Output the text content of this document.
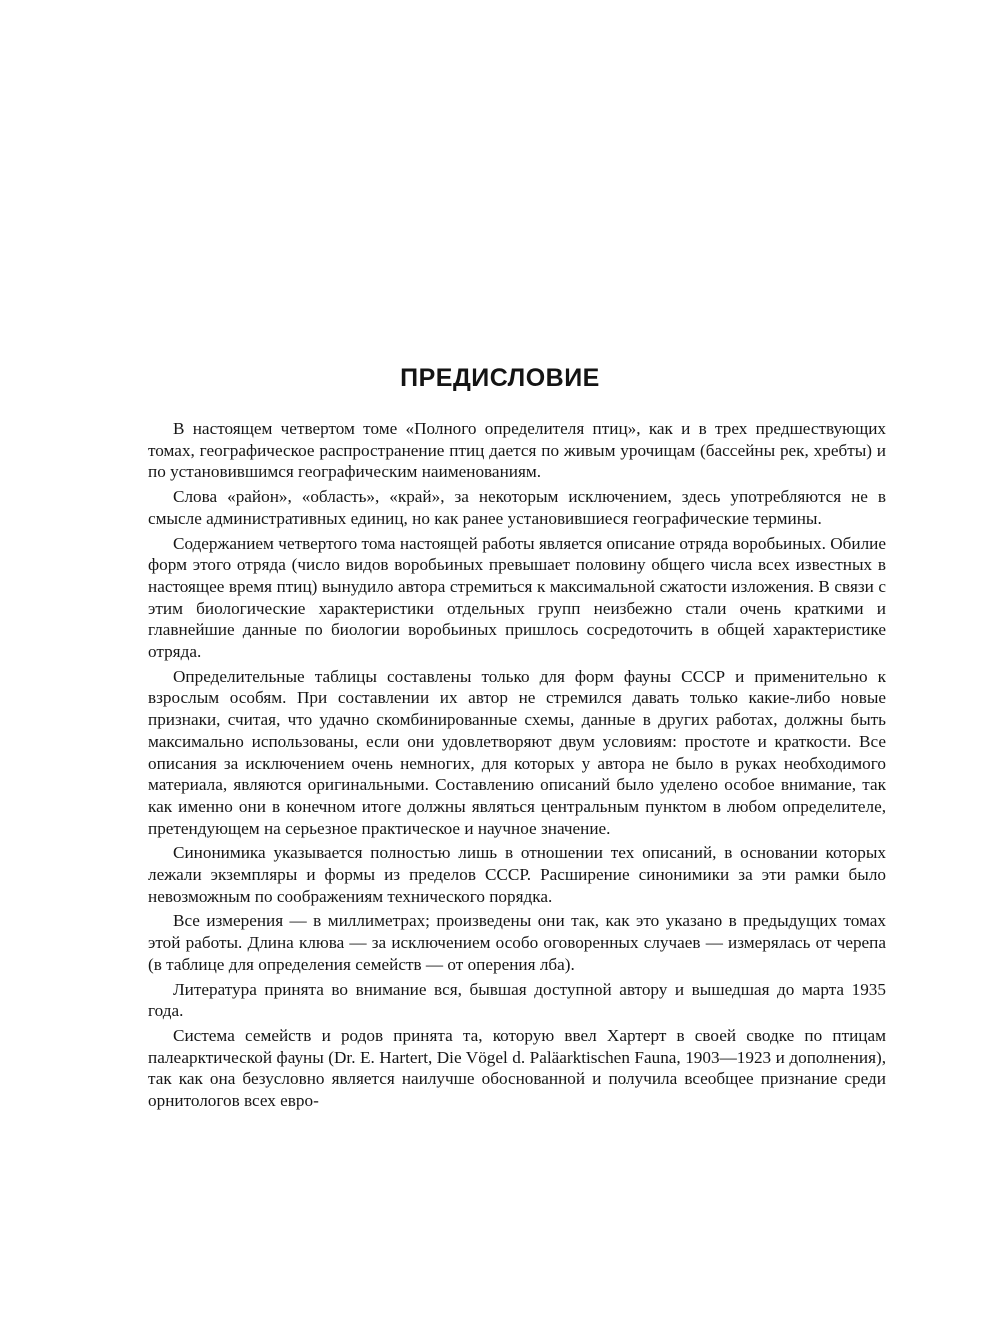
ПРЕДИСЛОВИЕ

В настоящем четвертом томе «Полного определителя птиц», как и в трех предшествующих томах, географическое распространение птиц дается по живым урочищам (бассейны рек, хребты) и по установившимся географическим наименованиям.

Слова «район», «область», «край», за некоторым исключением, здесь употребляются не в смысле административных единиц, но как ранее установившиеся географические термины.

Содержанием четвертого тома настоящей работы является описание отряда воробьиных. Обилие форм этого отряда (число видов воробьиных превышает половину общего числа всех известных в настоящее время птиц) вынудило автора стремиться к максимальной сжатости изложения. В связи с этим биологические характеристики отдельных групп неизбежно стали очень краткими и главнейшие данные по биологии воробьиных пришлось сосредоточить в общей характеристике отряда.

Определительные таблицы составлены только для форм фауны СССР и применительно к взрослым особям. При составлении их автор не стремился давать только какие-либо новые признаки, считая, что удачно скомбинированные схемы, данные в других работах, должны быть максимально использованы, если они удовлетворяют двум условиям: простоте и краткости. Все описания за исключением очень немногих, для которых у автора не было в руках необходимого материала, являются оригинальными. Составлению описаний было уделено особое внимание, так как именно они в конечном итоге должны являться центральным пунктом в любом определителе, претендующем на серьезное практическое и научное значение.

Синонимика указывается полностью лишь в отношении тех описаний, в основании которых лежали экземпляры и формы из пределов СССР. Расширение синонимики за эти рамки было невозможным по соображениям технического порядка.

Все измерения — в миллиметрах; произведены они так, как это указано в предыдущих томах этой работы. Длина клюва — за исключением особо оговоренных случаев — измерялась от черепа (в таблице для определения семейств — от оперения лба).

Литература принята во внимание вся, бывшая доступной автору и вышедшая до марта 1935 года.

Система семейств и родов принята та, которую ввел Хартерт в своей сводке по птицам палеарктической фауны (Dr. E. Hartert, Die Vögel d. Paläarktischen Fauna, 1903—1923 и дополнения), так как она безусловно является наилучше обоснованной и получила всеобщее признание среди орнитологов всех евро-
